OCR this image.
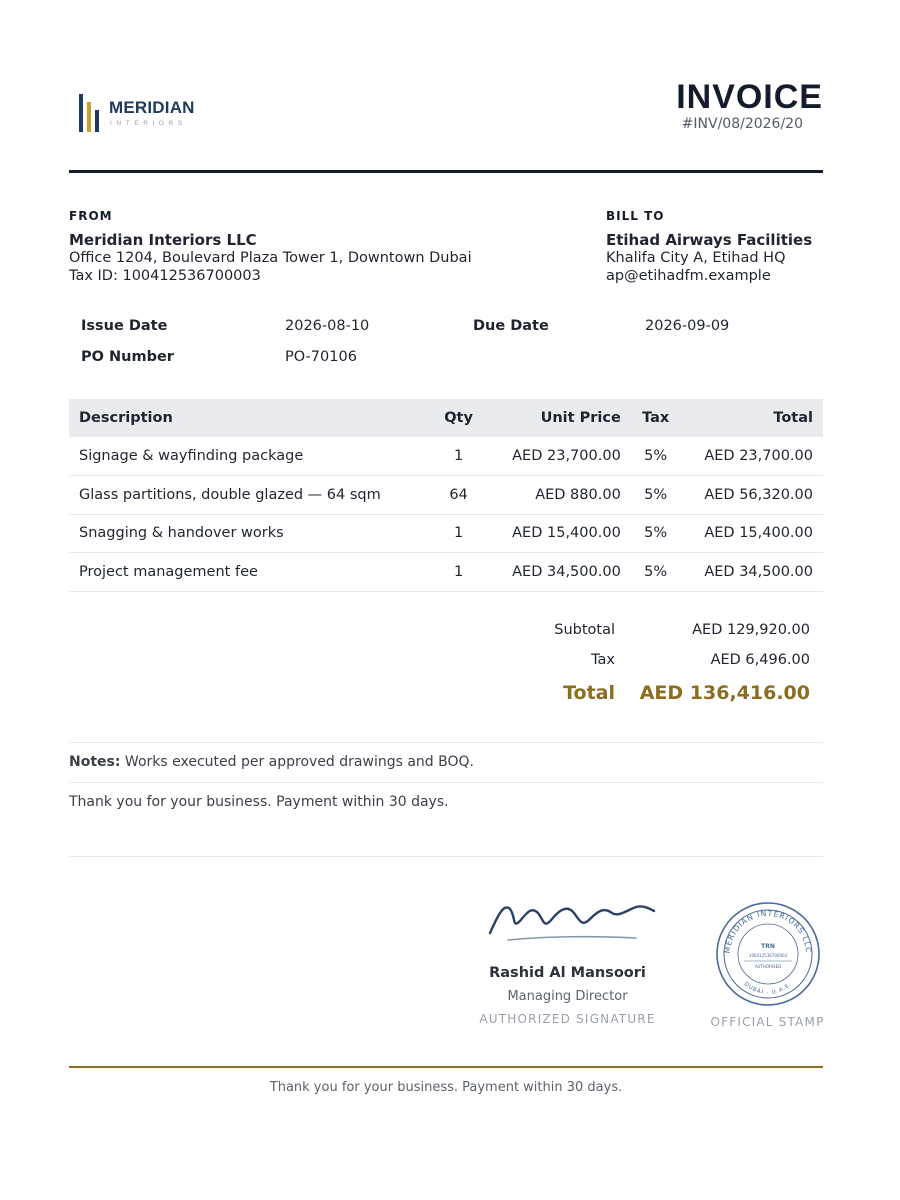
MERIDIAN
INTERIORS
INVOICE
#INV/08/2026/20
FROM
Meridian Interiors LLC
Office 1204, Boulevard Plaza Tower 1, Downtown Dubai
Tax ID: 100412536700003
BILL TO
Etihad Airways Facilities
Khalifa City A, Etihad HQ
ap@etihadfm.example
Issue Date	2026-08-10	Due Date	2026-09-09
PO Number	PO-70106
Description	Qty	Unit Price	Tax	Total
Signage & wayfinding package	1	AED 23,700.00	5%	AED 23,700.00
Glass partitions, double glazed — 64 sqm	64	AED 880.00	5%	AED 56,320.00
Snagging & handover works	1	AED 15,400.00	5%	AED 15,400.00
Project management fee	1	AED 34,500.00	5%	AED 34,500.00
Subtotal	AED 129,920.00
Tax	AED 6,496.00
Total AED 136,416.00
Notes: Works executed per approved drawings and BOQ.
Thank you for your business. Payment within 30 days.
Rashid Al Mansoori
Managing Director
AUTHORIZED SIGNATURE
MERIDIAN INTERIORS LLC
DUBAI · U.A.E.
TRN
100412536700003
AUTHORISED
OFFICIAL STAMP
Thank you for your business. Payment within 30 days.
